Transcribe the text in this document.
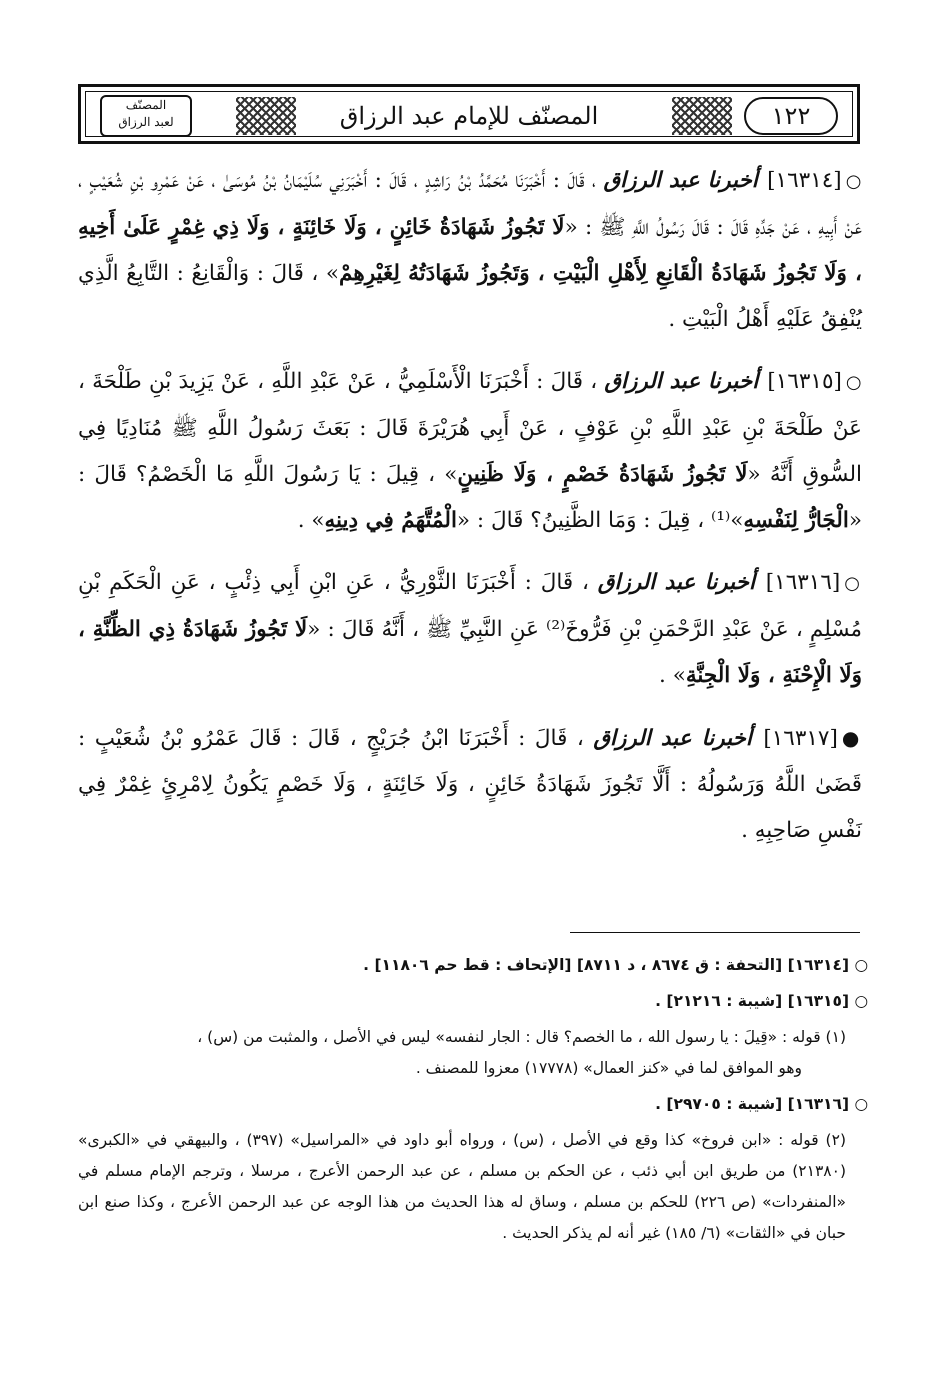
١٢٢
المصنّف للإمام عبد الرزاق
المصنّف
لعبد الرزاق

○[١٦٣١٤] أخبرنا عبد الرزاق ، قَالَ : أَخْبَرَنَا مُحَمَّدُ بْنُ رَاشِدٍ ، قَالَ : أَخْبَرَنِي سُلَيْمَانُ بْنُ مُوسَىٰ ، عَنْ عَمْرِو بْنِ شُعَيْبٍ ، عَنْ أَبِيهِ ، عَنْ جَدِّهِ قَالَ : قَالَ رَسُولُ اللَّهِ ﷺ : «لَا تَجُوزُ شَهَادَةُ خَائِنٍ ، وَلَا خَائِنَةٍ ، وَلَا ذِي غِمْرٍ عَلَىٰ أَخِيهِ ، وَلَا تَجُوزُ شَهَادَةُ الْقَانِعِ لِأَهْلِ الْبَيْتِ ، وَتَجُوزُ شَهَادَتُهُ لِغَيْرِهِمْ» ، قَالَ : وَالْقَانِعُ : التَّابِعُ الَّذِي يُنْفِقُ عَلَيْهِ أَهْلُ الْبَيْتِ .

○[١٦٣١٥] أخبرنا عبد الرزاق ، قَالَ : أَخْبَرَنَا الْأَسْلَمِيُّ ، عَنْ عَبْدِ اللَّهِ ، عَنْ يَزِيدَ بْنِ طَلْحَةَ ، عَنْ طَلْحَةَ بْنِ عَبْدِ اللَّهِ بْنِ عَوْفٍ ، عَنْ أَبِي هُرَيْرَةَ قَالَ : بَعَثَ رَسُولُ اللَّهِ ﷺ مُنَادِيًا فِي السُّوقِ أَنَّهُ «لَا تَجُوزُ شَهَادَةُ خَصْمٍ ، وَلَا ظَنِينٍ» ، قِيلَ : يَا رَسُولَ اللَّهِ مَا الْخَصْمُ؟ قَالَ : «الْجَارُّ لِنَفْسِهِ»⁽¹⁾ ، قِيلَ : وَمَا الظَّنِينُ؟ قَالَ : «الْمُتَّهَمُ فِي دِينِهِ» .

○[١٦٣١٦] أخبرنا عبد الرزاق ، قَالَ : أَخْبَرَنَا الثَّوْرِيُّ ، عَنِ ابْنِ أَبِي ذِئْبٍ ، عَنِ الْحَكَمِ بْنِ مُسْلِمٍ ، عَنْ عَبْدِ الرَّحْمَنِ بْنِ فَرُّوخَ⁽²⁾ عَنِ النَّبِيِّ ﷺ ، أَنَّهُ قَالَ : «لَا تَجُوزُ شَهَادَةُ ذِي الظِّنَّةِ ، وَلَا الْإِحْنَةِ ، وَلَا الْجِنَّةِ» .

●[١٦٣١٧] أخبرنا عبد الرزاق ، قَالَ : أَخْبَرَنَا ابْنُ جُرَيْجٍ ، قَالَ : قَالَ عَمْرُو بْنُ شُعَيْبٍ : قَضَىٰ اللَّهُ وَرَسُولُهُ : أَلَّا تَجُوزَ شَهَادَةُ خَائِنٍ ، وَلَا خَائِنَةٍ ، وَلَا خَصْمٍ يَكُونُ لِامْرِئٍ غِمْرٌ فِي نَفْسِ صَاحِبِهِ .

○ [١٦٣١٤] [التحفة : ق ٨٦٧٤ ، د ٨٧١١] [الإتحاف : قط حم ١١٨٠٦] .

○ [١٦٣١٥] [شيبة : ٢١٢١٦] .

(١) قوله : «قِيلَ : يا رسول الله ، ما الخصم؟ قال : الجار لنفسه» ليس في الأصل ، والمثبت من (س) ،
وهو الموافق لما في «كنز العمال» (١٧٧٧٨) معزوا للمصنف .

○ [١٦٣١٦] [شيبة : ٢٩٧٠٥] .

(٢) قوله : «ابن فروخ» كذا وقع في الأصل ، (س) ، ورواه أبو داود في «المراسيل» (٣٩٧) ، والبيهقي في «الكبرى» (٢١٣٨٠) من طريق ابن أبي ذئب ، عن الحكم بن مسلم ، عن عبد الرحمن الأعرج ، مرسلا ، وترجم الإمام مسلم في «المنفردات» (ص ٢٢٦) للحكم بن مسلم ، وساق له هذا الحديث من هذا الوجه عن عبد الرحمن الأعرج ، وكذا صنع ابن حبان في «الثقات» (٦/ ١٨٥) غير أنه لم يذكر الحديث .
